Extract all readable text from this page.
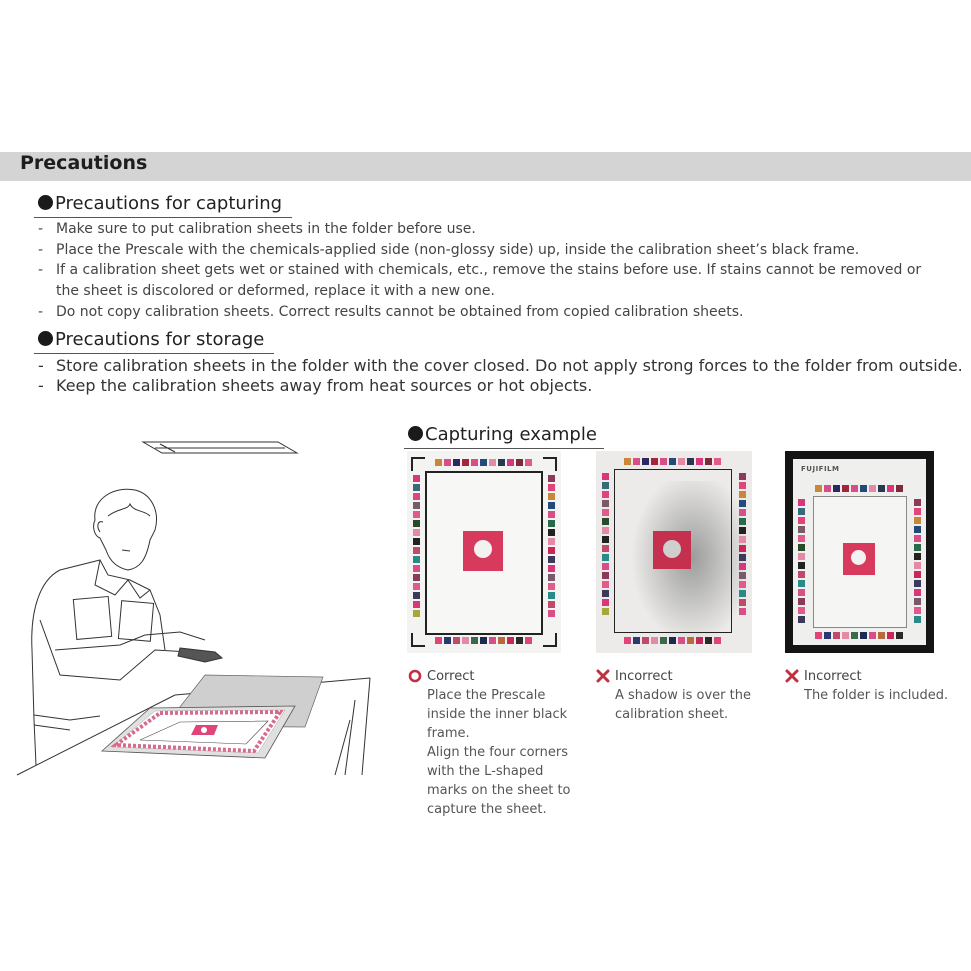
Precautions
Precautions for capturing
- Make sure to put calibration sheets in the folder before use.
- Place the Prescale with the chemicals-applied side (non-glossy side) up, inside the calibration sheet’s black frame.
- If a calibration sheet gets wet or stained with chemicals, etc., remove the stains before use. If stains cannot be removed or
the sheet is discolored or deformed, replace it with a new one.
- Do not copy calibration sheets. Correct results cannot be obtained from copied calibration sheets.
Precautions for storage
- Store calibration sheets in the folder with the cover closed. Do not apply strong forces to the folder from outside.
- Keep the calibration sheets away from heat sources or hot objects.
Capturing example
FUJIFILM
Correct
Place the Prescale
inside the inner black
frame.
Align the four corners
with the L-shaped
marks on the sheet to
capture the sheet.
Incorrect
A shadow is over the
calibration sheet.
Incorrect
The folder is included.
